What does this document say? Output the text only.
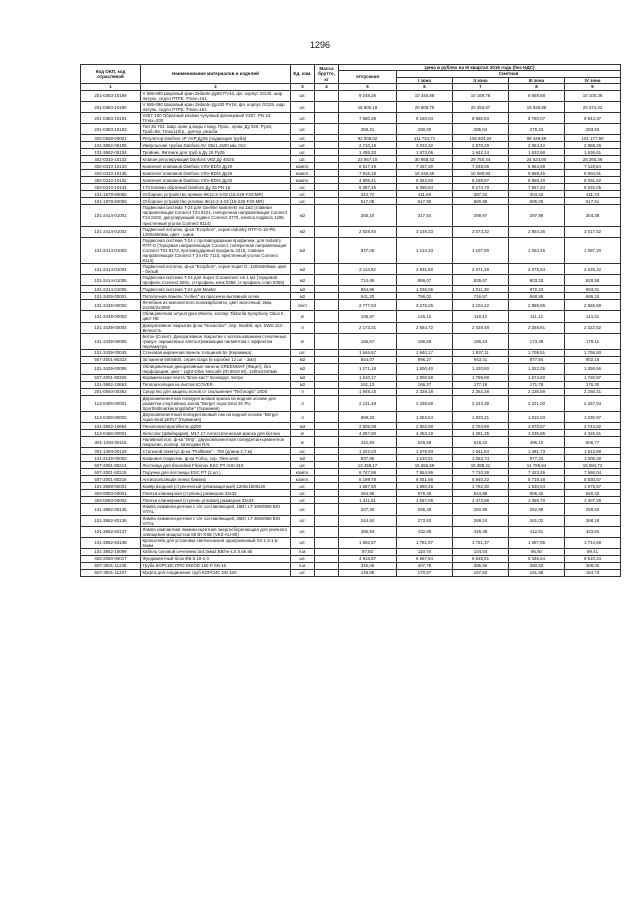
1296
Код ОКП, код отраслевой	Наименование материалов и изделий	Ед. изм.	Масса брутто, кг	Цена в рублях на III квартал 2016 года (без НДС)				
				отпускная	Сметная			
					I зона	II зона	III зона	IV зона
1	2	3	4	5	6	7	8	9
201-0383-10189	V 585-080 Шаровый кран Zeilante Ду80 PV16, фл. корпус GG25, шар латунь, седло PTFE, Tmax=151	шт.		9 248,26	10 346,88	10 169,76	6 659,58	10 100,39
201-0383-10190	V 585-080 Шаровый кран Zeilante Ду100 PV16, фл. корпус GG25, шар латунь, седло PTFE, Tmax=151	шт.		18 600,19	20 809,75	20 453,57	19 829,88	20 374,32
201-0383-10191	V287-100 Обратный клапан чугунный фланцевый V287, PN 10, Tmax=200	шт.		7 680,39	8 150,04	8 690,93	8 780,07	8 844,37
201-0383-10192	Тип 35.703. Шар. кран д.воды станд. Проx., хром. Ду 025, Ру16, Траб=95, Тmax110гр., диггер, резьба	шт.		259,21	290,00	285,04	278,34	283,93
302-0568-00001	Регулятор Danfoss сР AVP Ду25 (подающая труба)	шт.		92 009,02	111 734,71	105 604,03	98 449,69	101 177,96
101-3862-05105	Импульсная трубка Danfoss AV. 06x1,1500 мм, 012	шт.		2 710,19	3 032,32	2 978,29	2 854,42	2 968,25
101-3862-05104	Тройник. Фитинги для труб в Ду 15 Ру25	шт.		1 495,33	1 673,06	1 642,14	1 632,68	1 636,61
402-0310-10132	Клапан регулирующий Danfoss VB2 Ду 40/25	шт.		23 667,10	30 868,42	29 750,44	24 624,00	28 260,49
402-0310-10133	Комплект клапанов Danfoss VSV-BD/S Ду20	компл.		6 617,48	7 437,30	7 248,06	6 964,88	7 119,54
402-0310-10135	Комплект клапанов Danfoss VSV-BD/S Ду25	компл.		7 815,18	10 246,59	10 080,93	9 589,46	9 904,91
402-0310-10132	Комплект клапанов Danfoss VSV-BD/S Ду32	компл.		4 806,41	5 363,50	5 199,87	5 958,10	5 091,62
402-0310-10134	173 Клапан обратный Danfoss Ду 25 PN 16	шт.		6 397,45	8 390,54	8 174,79	7 657,34	8 032,05
101-1978-50082	Отборное устройство прямое 8К14-2-3-02 (16-225-F20-MR)	шт.		344,72	411,68	387,32	403,22	411,73
101-1978-50083	Отборное устройство угловое 8К14-2-4-02 (16-225-F20-MR)	шт.		517,09	617,90	580,99	605,00	617,61
101-2414-01001	Подвесная система T-24 для Geeline комплект на 1м2 (главная направляющая Connect T24 8101, поперечная направляющая Connect T24 8102, дюгулирующий подвес Connect 3775, клипса подвеса 1286, пристенный уголок Connect 8114)	м2		265,10	317,54	299,97	297,98	304,38
101-2414-01002	Подвесной потолок, ф-ка "Ecophon", серия Industry RTP-G-10-PE, 1200x600мм, цвет - шинк	м2		2 828,40	3 146,33	3 073,32	2 854,36	3 017,52
101-2414-01003	Подвесная система T-24 с противоударным профилем, для Industry RTP-G (Торцевая направляющая Connect, поперечная направляющая Connect T24 8173, противоударный профиль 3315, главная направляющая Connect T 24 HD 7115, пристенный уголок Connect 8114)	м2		947,06	1 134,33	1 107,80	1 064,45	1 087,20
101-2414-01004	Подвесной потолок, ф-ка "Ecophon", серия Super G, 1200x600мм, цвет - белый	м2		2 113,52	2 531,60	2 471,28	2 375,64	2 426,42
101-2414-01005	Подвесная система T-24 для Super G комплект на 1 м2 (торцевой профиль Connect 8261, U-профиль клик 0358, U-профиль слип 0359)	м2		714,69	856,07	835,67	803,33	820,50
101-2414-01006	Подвесная система T-24 для Master	м2		864,86	1 036,06	1 011,38	972,23	993,01
101-3439-00001	Потолочная панель "Албес" из просечно-вытяжной сетки	м2		641,20	756,02	716,57	668,86	685,32
101-3439-00002	Лечебник из монолитного поликарбоната, цвет молочный, 2мм, 2х205/2х3050	лист		2 777,93	3 276,25	3 104,42	2 889,96	2 969,59
101-3439-00003	Облицовочная штукатурка Minerix, колпер Tikkurila Symphony Obus II, цвет НЕ	кг		106,87	126,12	119,42	111,12	114,21
101-3439-00004	Декоративное покрытие ф-ка "Novacolor", сер. Swahili, арт. SWS 113 - Вечность	л		2 173,31	2 564,72	2 428,48	2 258,81	2 322,52
101-3439-00005	Бетон (Солит). Декоративное покрытие с использованием стеклянных гранул, окрашенных светоотражающим пигментом с эффектом перламутра	кг		166,67	196,66	186,24	173,39	178,11
101-3439-00045	Стеновая кирпичная панель толщиной 5х (Керамика)	шт.		1 646,67	1 940,17	1 837,11	1 709,51	1 756,93
507-2001-80323	3d панели 500x500, серия Gaga (в коробке 12 шт - 3м2)	м2		844,07	996,27	943,41	877,84	902,15
101-3439-00006	Облицовочные декоративные панели GREENMAT (Фацет), без перфорации, цвет - Light Olive Nescafe (RI 5619 W), 1200x2440мм	м2		1 271,18	1 500,40	1 420,80	1 322,05	1 358,66
507-2001-80325	Керамическая лента "Блок-каст" Блокарус Энтри	м2		1 610,17	1 900,58	1 799,68	1 674,60	1 720,97
101-3862-10663	Теплоизоляция из листов ICOVER	м2		151,13	166,27	177,19	171,78	176,30
201-0593-00362	Средство для защиты полов от скольжения "Technoglo" 2000	л		1 949,15	2 328,18	2 262,28	2 236,59	2 250,41
113-0409-00001	Двухкомпонентная полиуретановая краска на водной основе для разметки спортивных залов "Berger Aqua-Seal 2K PU Sportfeldmarkierungsfarbe" (Германия)	л		2 131,48	2 338,68	2 243,38	2 221,00	2 267,04
113-0409-00002	Двухкомпонентный полиуретановый лак на водной основе "Berger Aqua-Seal 2KPU" (Германия)	л		969,32	1 063,54	1 020,21	1 010,03	1 030,97
101-3862-10664	Пенополистирол/бетон Д200	м3		2 505,08	2 802,98	2 754,89	2 670,87	2 744,92
113-0468-00001	Sirnicolor (Швейцария), М17.17 Антистатическая краска для бетона	кг		4 067,80	4 453,19	4 281,35	4 236,85	4 326,51
301-1494-00115	Наливной пол, ф-ка "Ипр", двухкомпонентная полиуретан-цементное покрытие, колпер. категории RAL	кг		442,83	528,68	516,22	496,10	506,77
301-1494-00126	Стальной плинтус ф-ка "ProfBase" - 790 (длина 2,7 м)	шт.		1 322,03	1 579,93	1 541,84	1 481,73	1 513,59
101-2146-00002	Ковровое покрытие, ф-ка Forbo, сер. Tiles wool	м2		937,85	1 120,51	1 053,74	977,24	1 006,28
507-2001-80214	Лестница для бассейна Flexinox ESC PT AISI-316	шт.		13 459,17	15 656,59	15 388,41	14 796,64	15 084,72
507-2001-80215	Поручни для лестницы ESC PT (2 шт.)	компл.		6 747,98	7 854,95	7 710,38	7 423,46	7 566,04
507-2001-80216	Антискользящая ленка бампер	компл.		5 198,78	6 051,66	5 940,22	5 718,18	5 830,57
101-3598-00001	Ковёр входной (ступенчатый грязезащитный) 1200x1500x20	шт.		1 587,80	1 850,45	1 752,30	1 630,54	1 675,57
403-0083-00001	Плитка клинкерная (ступень) размером 33x33	шт.		484,95	579,40	544,88	505,32	520,33
403-0083-00002	Плитка клинкерная (ступень угловая) размером 33x34	шт.		1 311,61	1 567,06	1 473,69	1 366,70	1 407,29
101-3862-05135	Лампа люминесцентная с UV составляющей, 18Вт, LT 18W/958 BIO VITAL	шт.		227,30	265,49	260,95	252,99	259,93
101-3862-83136	Лампа люминесцентная с UV составляющей, 36Вт, LT 36W/958 BIO VITAL	шт.		244,84	273,93	269,24	261,02	268,18
101-3862-83137	Лампа компактная люминесцентная энергосберегающая для уличного освещения мощностью 85 Вт KSE (VEZ-AU-85)	шт.		386,93	432,89	425,48	412,51	423,84
101-3862-83138	Кронштейн для установки светильников однорожковый Х2-1,5-1,5-6хмм	шт.		1 592,67	1 781,97	1 751,37	1 697,95	1 744,58
101-3862-10099	Кабель силовой сечением 3х4,0мм2 ВВГнг-LS 0,66 кВ	п.м.		87,83	110,75	104,04	96,50	99,41
403-2060-00017	Фундаментный блок ФБ-0,19-2,0	шт.		4 916,87	6 957,54	6 648,81	6 346,54	6 510,34
507-3001-11236	Труба КОРСИС ПРО DN/OD 160 Р SN 16	п.м.		346,06	407,78	395,55	380,83	388,05
507-3001-11237	Муфта для соединения труб КОРСИС DN 160	шт.		148,88	170,97	167,63	161,58	164,73
